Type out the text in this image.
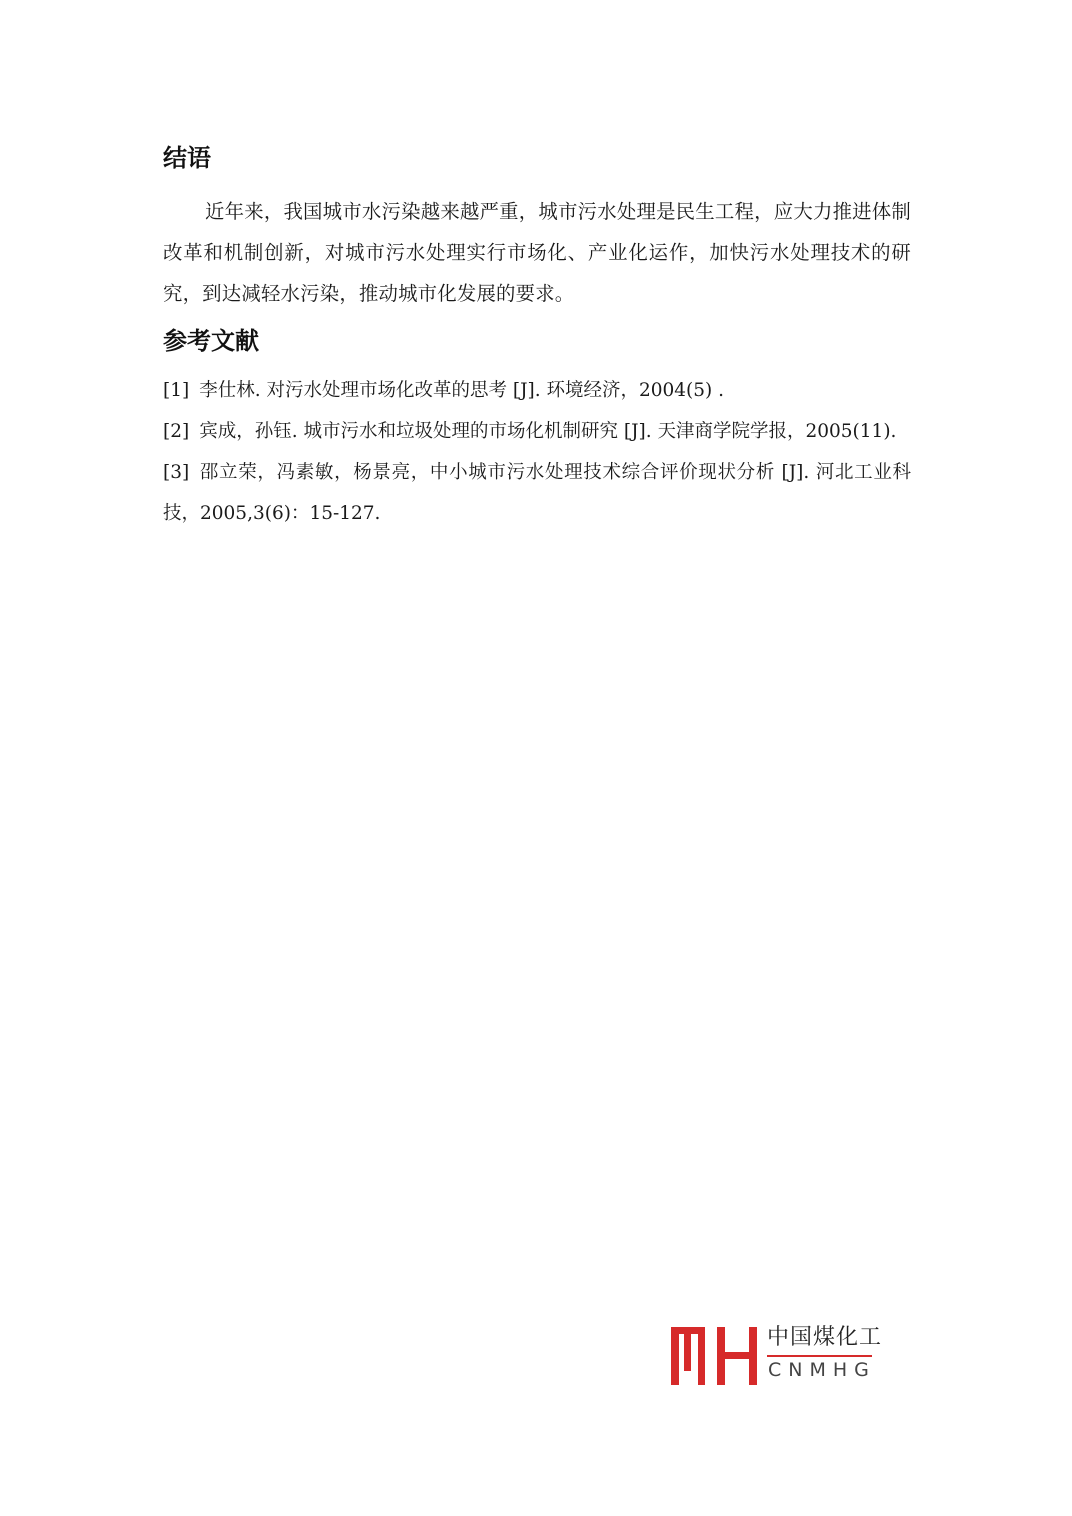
结语

近年来，我国城市水污染越来越严重，城市污水处理是民生工程，应大力推进体制改革和机制创新，对城市污水处理实行市场化、产业化运作，加快污水处理技术的研究，到达减轻水污染，推动城市化发展的要求。

参考文献
[1] 李仕林. 对污水处理市场化改革的思考 [J]. 环境经济，2004(5) .
[2] 宾成，孙钰. 城市污水和垃圾处理的市场化机制研究 [J]. 天津商学院学报，2005(11).
[3] 邵立荣，冯素敏，杨景亮，中小城市污水处理技术综合评价现状分析 [J]. 河北工业科技，2005,3(6)：15-127.
中国煤化工
CNMHG
